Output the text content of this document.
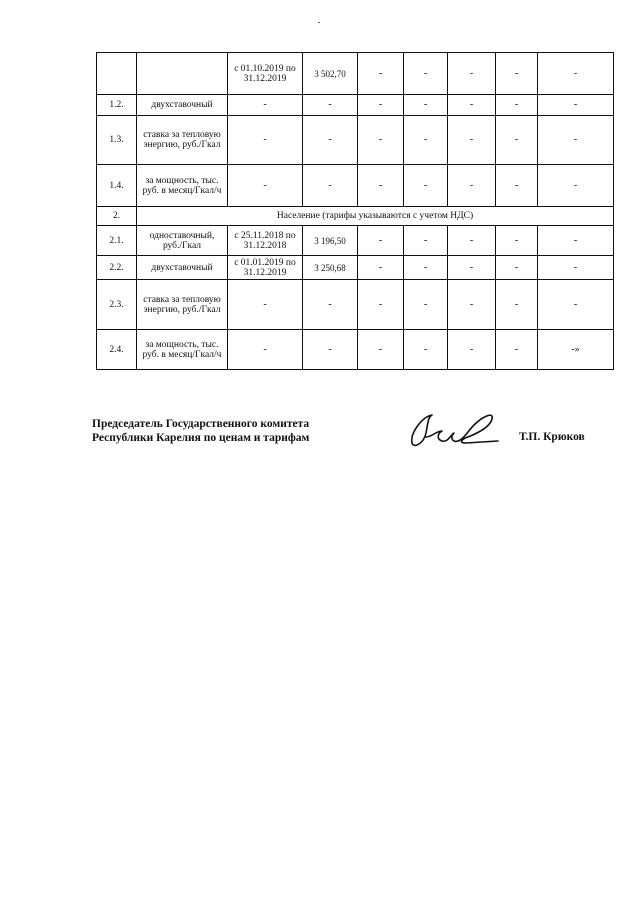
		с 01.10.2019 по 31.12.2019	3 502,70	-	-	-	-	-
1.2.	двухставочный	-	-	-	-	-	-	-
1.3.	ставка за тепловую энергию, руб./Гкал	-	-	-	-	-	-	-
1.4.	за мощность, тыс. руб. в месяц/Гкал/ч	-	-	-	-	-	-	-
2.	Население (тарифы указываются с учетом НДС)							
2.1.	одноставочный, руб./Гкал	с 25.11.2018 по 31.12.2018	3 196,50	-	-	-	-	-
2.2.	двухставочный	с 01.01.2019 по 31.12.2019	3 250,68	-	-	-	-	-
2.3.	ставка за тепловую энергию, руб./Гкал	-	-	-	-	-	-	-
2.4.	за мощность, тыс. руб. в месяц/Гкал/ч	-	-	-	-	-	-	-»
Председатель Государственного комитета
Республики Карелия по ценам и тарифам	Т.П. Крюков
